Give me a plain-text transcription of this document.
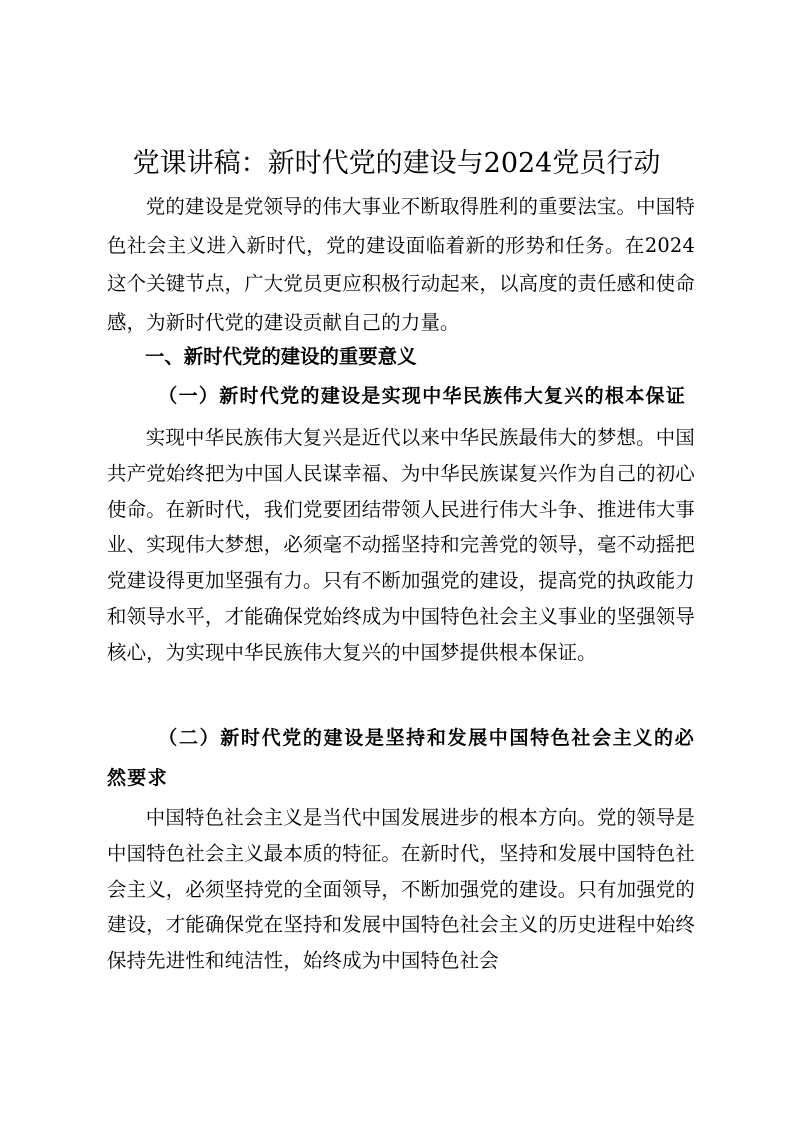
党课讲稿：新时代党的建设与2024党员行动

党的建设是党领导的伟大事业不断取得胜利的重要法宝。中国特色社会主义进入新时代，党的建设面临着新的形势和任务。在2024这个关键节点，广大党员更应积极行动起来，以高度的责任感和使命感，为新时代党的建设贡献自己的力量。

一、新时代党的建设的重要意义
（一）新时代党的建设是实现中华民族伟大复兴的根本保证

实现中华民族伟大复兴是近代以来中华民族最伟大的梦想。中国共产党始终把为中国人民谋幸福、为中华民族谋复兴作为自己的初心使命。在新时代，我们党要团结带领人民进行伟大斗争、推进伟大事业、实现伟大梦想，必须毫不动摇坚持和完善党的领导，毫不动摇把党建设得更加坚强有力。只有不断加强党的建设，提高党的执政能力和领导水平，才能确保党始终成为中国特色社会主义事业的坚强领导核心，为实现中华民族伟大复兴的中国梦提供根本保证。

（二）新时代党的建设是坚持和发展中国特色社会主义的必然要求

中国特色社会主义是当代中国发展进步的根本方向。党的领导是中国特色社会主义最本质的特征。在新时代，坚持和发展中国特色社会主义，必须坚持党的全面领导，不断加强党的建设。只有加强党的建设，才能确保党在坚持和发展中国特色社会主义的历史进程中始终保持先进性和纯洁性，始终成为中国特色社会
